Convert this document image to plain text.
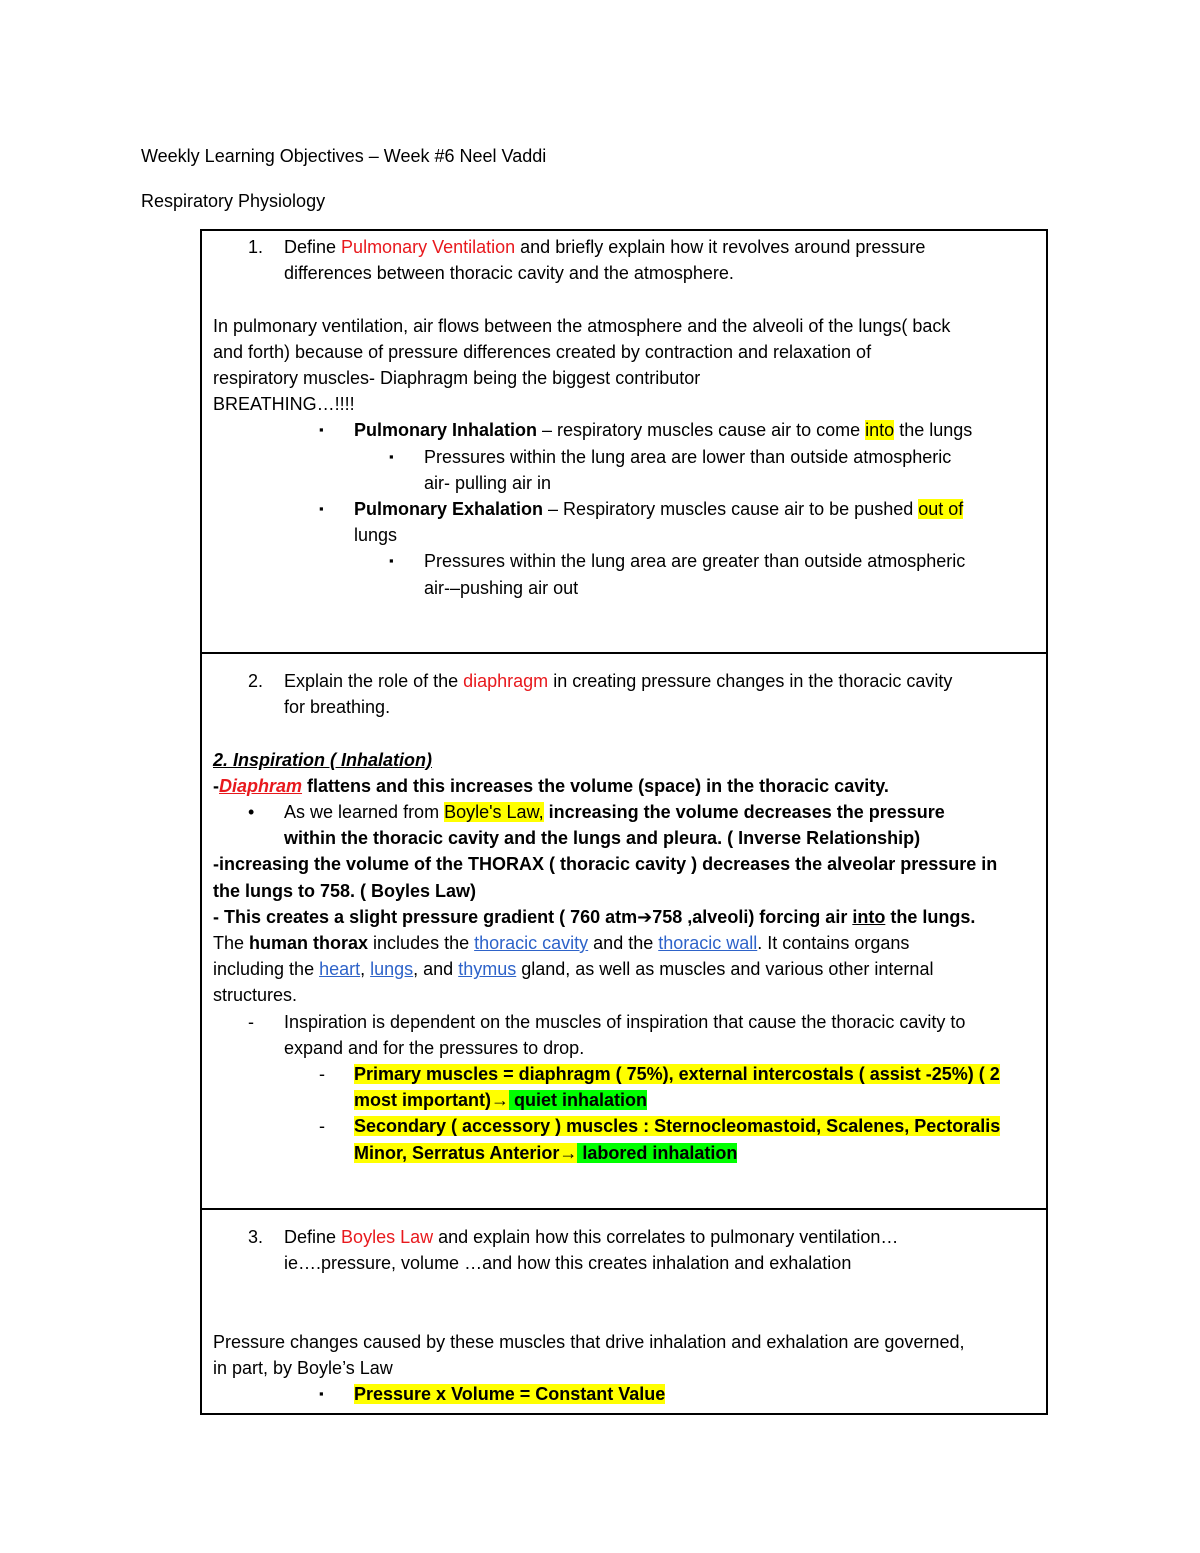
Weekly Learning Objectives – Week #6 Neel Vaddi
Respiratory Physiology
1. Define Pulmonary Ventilation and briefly explain how it revolves around pressure
differences between thoracic cavity and the atmosphere.
In pulmonary ventilation, air flows between the atmosphere and the alveoli of the lungs( back
and forth) because of pressure differences created by contraction and relaxation of
respiratory muscles- Diaphragm being the biggest contributor
BREATHING…!!!!
▪ Pulmonary Inhalation – respiratory muscles cause air to come into the lungs
▪ Pressures within the lung area are lower than outside atmospheric
air- pulling air in
▪ Pulmonary Exhalation – Respiratory muscles cause air to be pushed out of
lungs
▪ Pressures within the lung area are greater than outside atmospheric
air-–pushing air out

2. Explain the role of the diaphragm in creating pressure changes in the thoracic cavity
for breathing.
2. Inspiration ( Inhalation)
-Diaphram flattens and this increases the volume (space) in the thoracic cavity.
• As we learned from Boyle's Law, increasing the volume decreases the pressure
within the thoracic cavity and the lungs and pleura. ( Inverse Relationship)
-increasing the volume of the THORAX ( thoracic cavity ) decreases the alveolar pressure in
the lungs to 758. ( Boyles Law)
- This creates a slight pressure gradient ( 760 atm➔758 ,alveoli) forcing air into the lungs.
The human thorax includes the thoracic cavity and the thoracic wall. It contains organs
including the heart, lungs, and thymus gland, as well as muscles and various other internal
structures.
- Inspiration is dependent on the muscles of inspiration that cause the thoracic cavity to
expand and for the pressures to drop.
- Primary muscles = diaphragm ( 75%), external intercostals ( assist -25%) ( 2
most important)→ quiet inhalation
- Secondary ( accessory ) muscles : Sternocleomastoid, Scalenes, Pectoralis
Minor, Serratus Anterior→ labored inhalation

3. Define Boyles Law and explain how this correlates to pulmonary ventilation…
ie….pressure, volume …and how this creates inhalation and exhalation
Pressure changes caused by these muscles that drive inhalation and exhalation are governed,
in part, by Boyle’s Law
▪ Pressure x Volume = Constant Value
